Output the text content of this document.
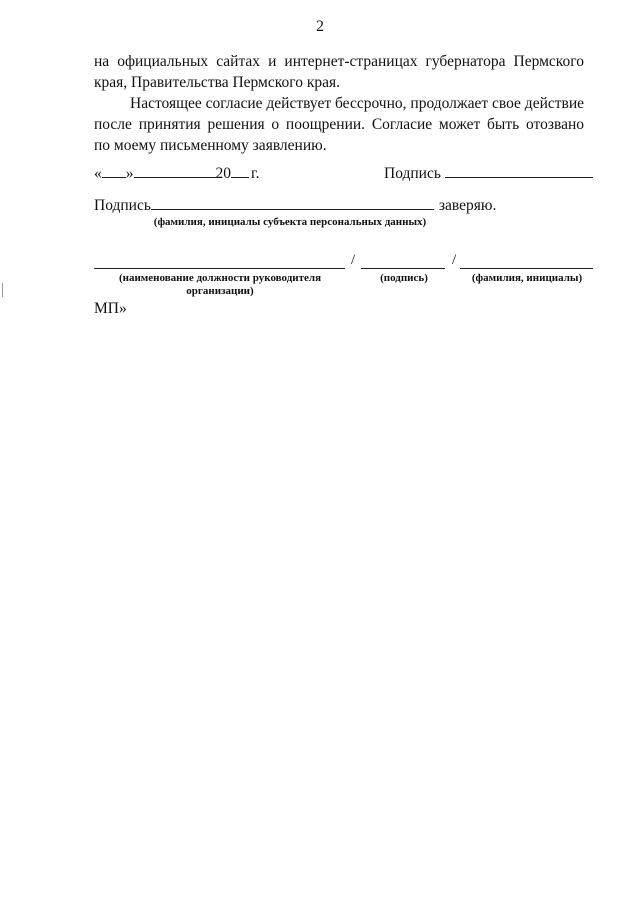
2
на официальных сайтах и интернет-страницах губернатора Пермского
края, Правительства Пермского края.
Настоящее согласие действует бессрочно, продолжает свое действие
после принятия решения о поощрении. Согласие может быть отозвано
по моему письменному заявлению.
« »	20 г.	Подпись
Подпись	заверяю.
(фамилия, инициалы субъекта персональных данных)
/	/
(наименование должности руководителя
организации)
(подпись)	(фамилия, инициалы)
МП»
